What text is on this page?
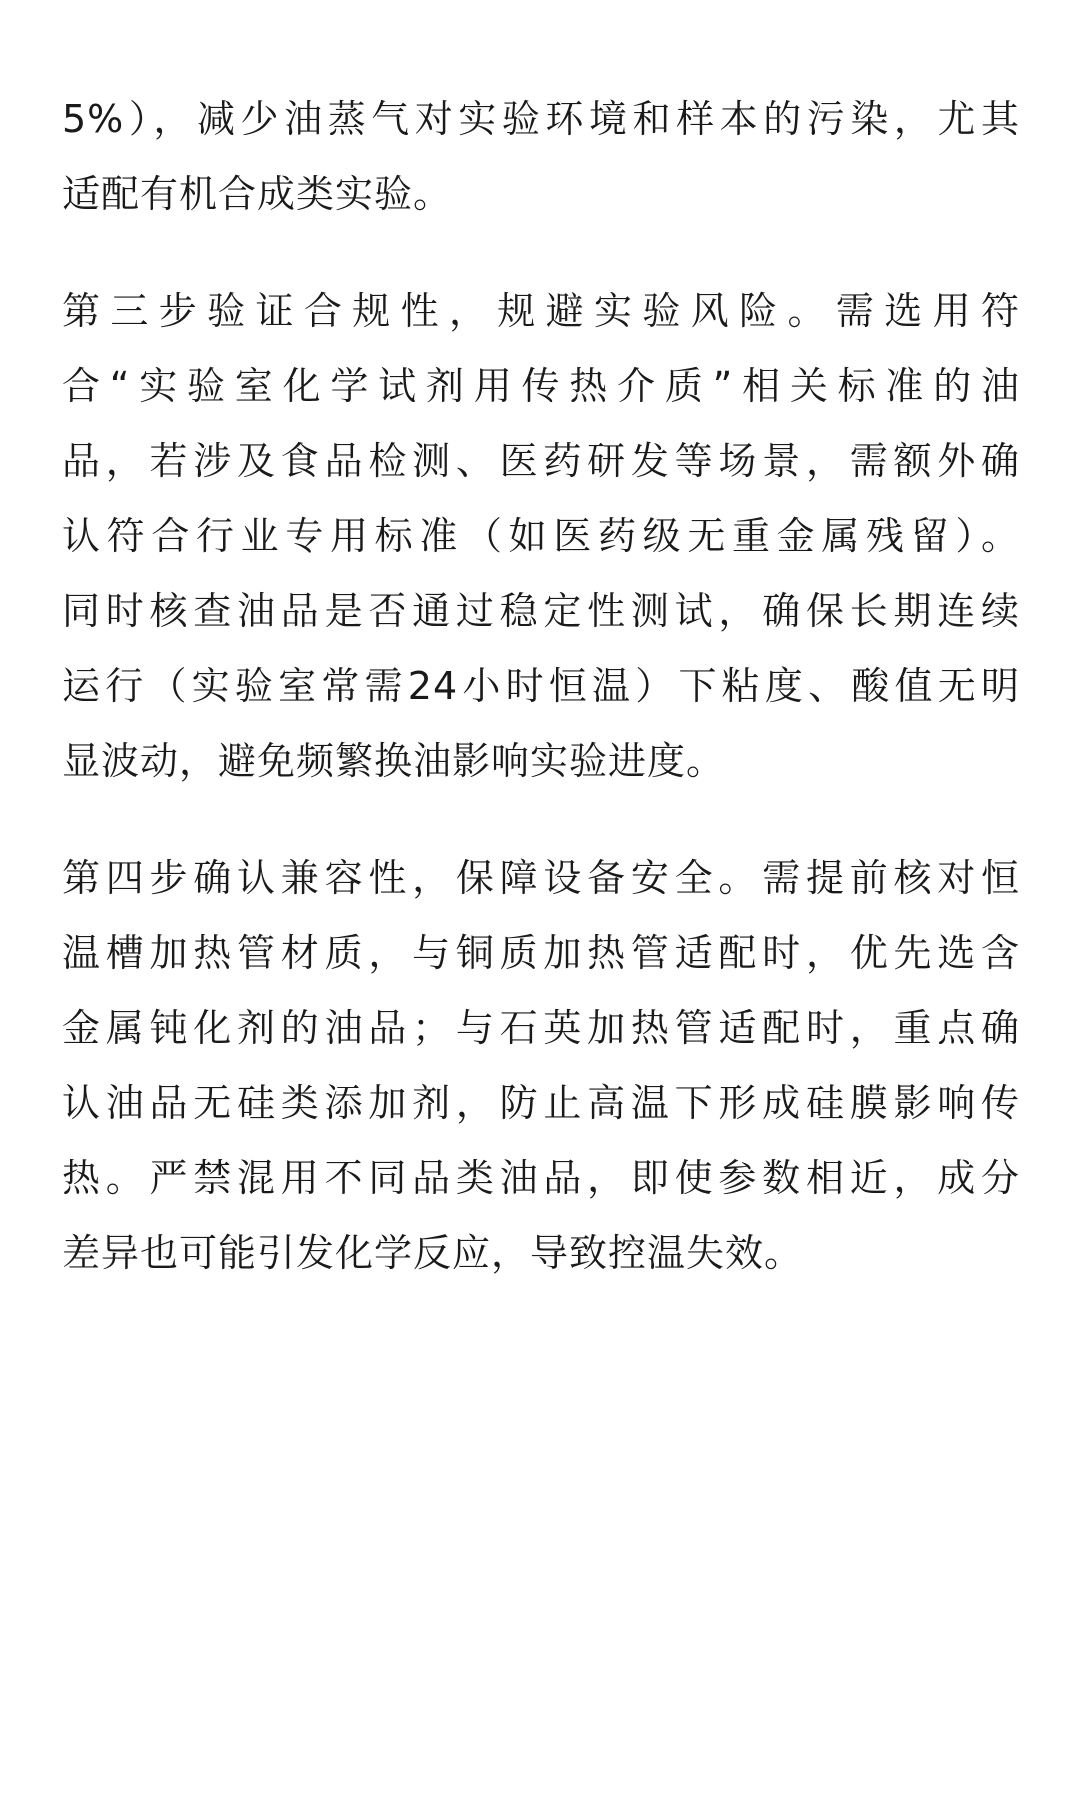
5%），减少油蒸气对实验环境和样本的污染，尤其
适配有机合成类实验。

第三步验证合规性，规避实验风险。需选用符
合“实验室化学试剂用传热介质”相关标准的油
品，若涉及食品检测、医药研发等场景，需额外确
认符合行业专用标准（如医药级无重金属残留）。
同时核查油品是否通过稳定性测试，确保长期连续
运行（实验室常需24小时恒温）下粘度、酸值无明
显波动，避免频繁换油影响实验进度。

第四步确认兼容性，保障设备安全。需提前核对恒
温槽加热管材质，与铜质加热管适配时，优先选含
金属钝化剂的油品；与石英加热管适配时，重点确
认油品无硅类添加剂，防止高温下形成硅膜影响传
热。严禁混用不同品类油品，即使参数相近，成分
差异也可能引发化学反应，导致控温失效。
